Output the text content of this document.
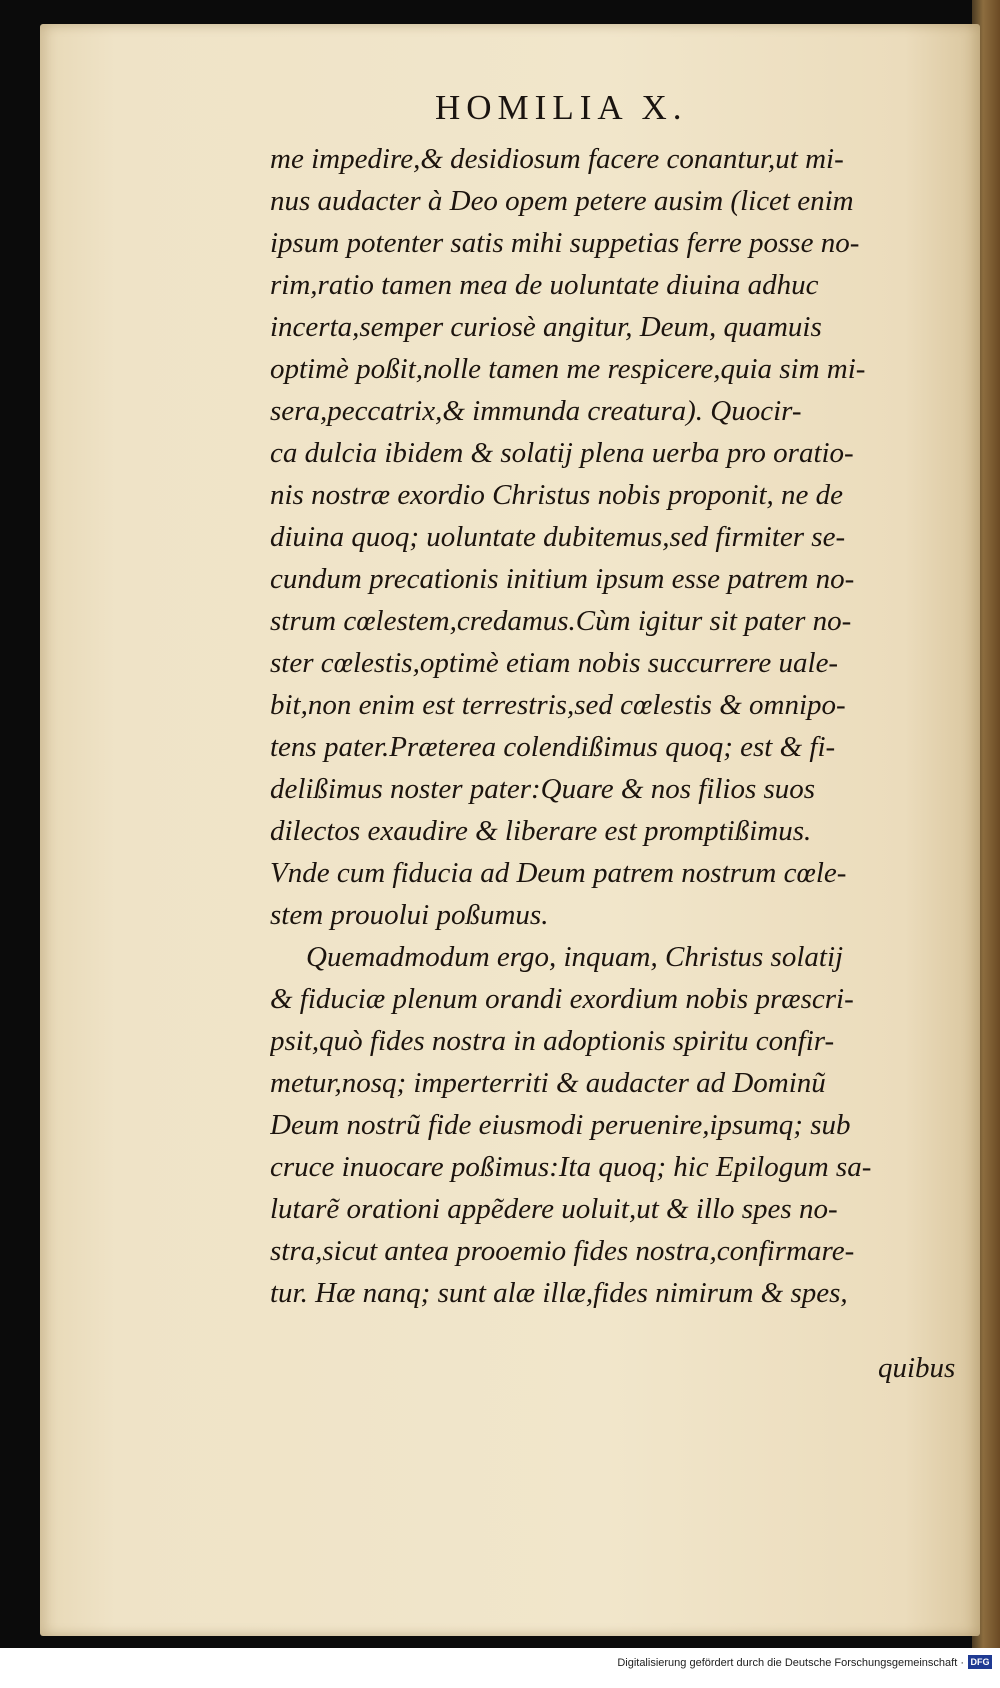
HOMILIA X.
me impedire,& desidiosum facere conantur,ut mi-
nus audacter à Deo opem petere ausim (licet enim
ipsum potenter satis mihi suppetias ferre posse no-
rim,ratio tamen mea de uoluntate diuina adhuc
incerta,semper curiosè angitur, Deum, quamuis
optimè poßit,nolle tamen me respicere,quia sim mi-
sera,peccatrix,& immunda creatura). Quocir-
ca dulcia ibidem & solatij plena uerba pro oratio-
nis nostræ exordio Christus nobis proponit, ne de
diuina quoq; uoluntate dubitemus,sed firmiter se-
cundum precationis initium ipsum esse patrem no-
strum cœlestem,credamus.Cùm igitur sit pater no-
ster cœlestis,optimè etiam nobis succurrere uale-
bit,non enim est terrestris,sed cœlestis & omnipo-
tens pater.Præterea colendißimus quoq; est & fi-
delißimus noster pater:Quare & nos filios suos
dilectos exaudire & liberare est promptißimus.
Vnde cum fiducia ad Deum patrem nostrum cœle-
stem prouolui poßumus.
Quemadmodum ergo, inquam, Christus solatij
& fiduciæ plenum orandi exordium nobis præscri-
psit,quò fides nostra in adoptionis spiritu confir-
metur,nosq; imperterriti & audacter ad Dominũ
Deum nostrũ fide eiusmodi peruenire,ipsumq; sub
cruce inuocare poßimus:Ita quoq; hic Epilogum sa-
lutarẽ orationi appẽdere uoluit,ut & illo spes no-
stra,sicut antea prooemio fides nostra,confirmare-
tur. Hæ nanq; sunt alæ illæ,fides nimirum & spes,
quibus
Digitalisierung gefördert durch die Deutsche Forschungsgemeinschaft · DFG
